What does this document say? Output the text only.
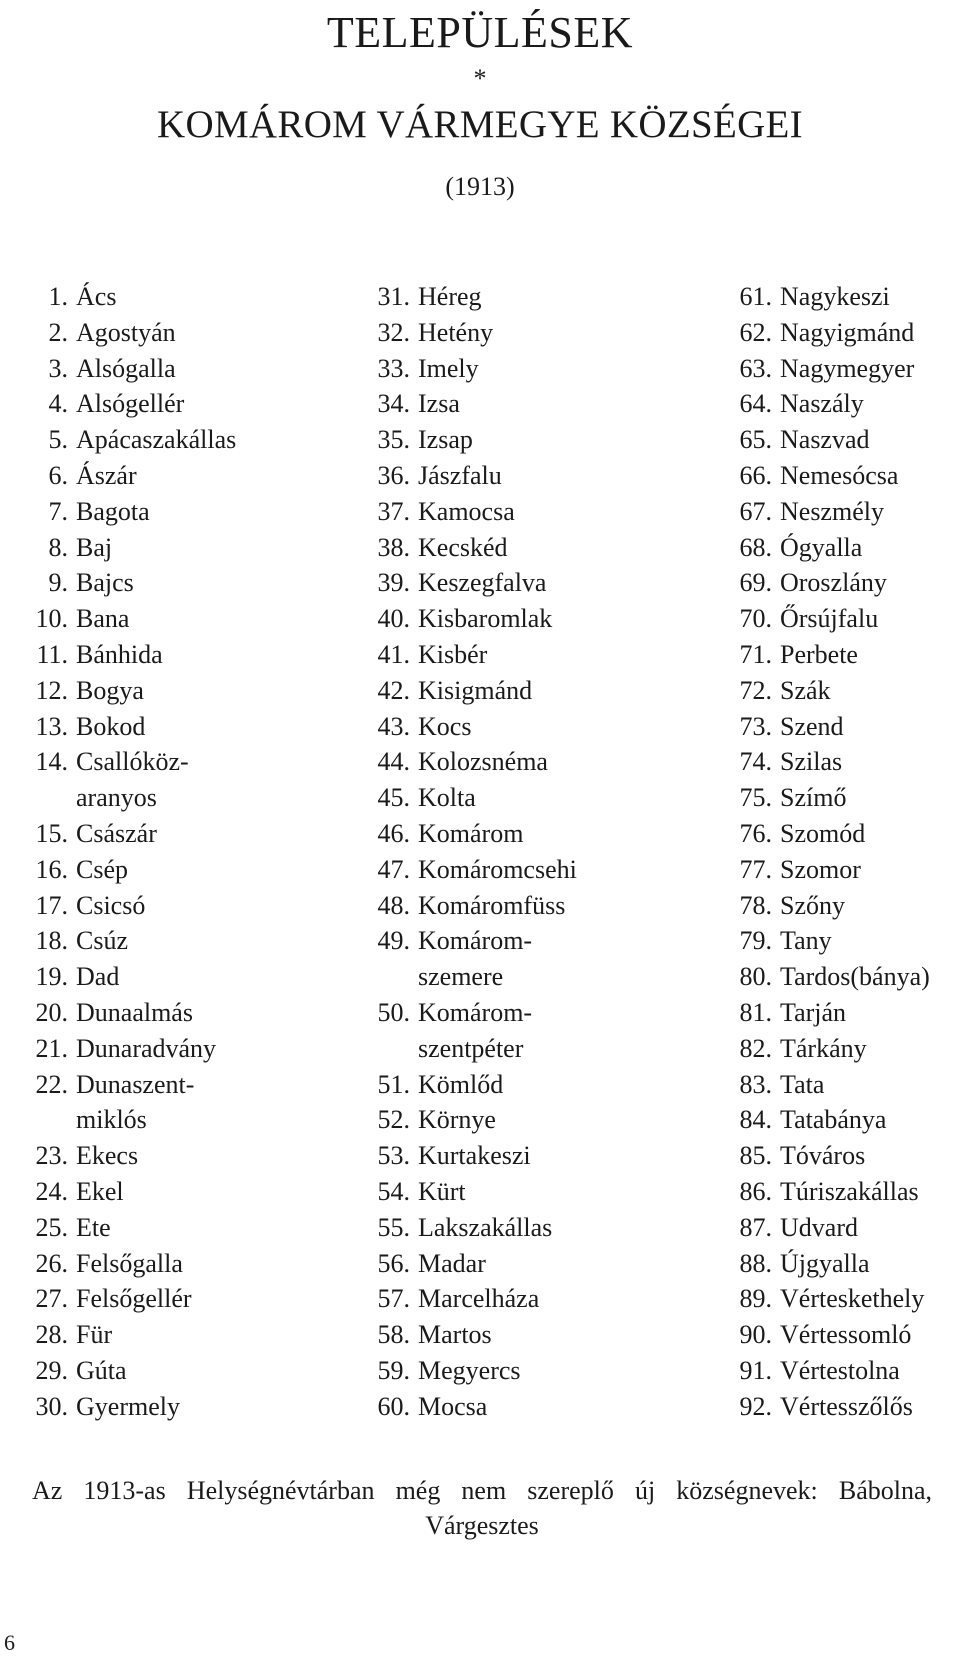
TELEPÜLÉSEK
*
KOMÁROM VÁRMEGYE KÖZSÉGEI
(1913)
1. Ács
2. Agostyán
3. Alsógalla
4. Alsógellér
5. Apácaszakállas
6. Ászár
7. Bagota
8. Baj
9. Bajcs
10. Bana
11. Bánhida
12. Bogya
13. Bokod
14. Csallóköz-
aranyos
15. Császár
16. Csép
17. Csicsó
18. Csúz
19. Dad
20. Dunaalmás
21. Dunaradvány
22. Dunaszent-
miklós
23. Ekecs
24. Ekel
25. Ete
26. Felsőgalla
27. Felsőgellér
28. Für
29. Gúta
30. Gyermely
31. Héreg
32. Hetény
33. Imely
34. Izsa
35. Izsap
36. Jászfalu
37. Kamocsa
38. Kecskéd
39. Keszegfalva
40. Kisbaromlak
41. Kisbér
42. Kisigmánd
43. Kocs
44. Kolozsnéma
45. Kolta
46. Komárom
47. Komáromcsehi
48. Komáromfüss
49. Komárom-
szemere
50. Komárom-
szentpéter
51. Kömlőd
52. Környe
53. Kurtakeszi
54. Kürt
55. Lakszakállas
56. Madar
57. Marcelháza
58. Martos
59. Megyercs
60. Mocsa
61. Nagykeszi
62. Nagyigmánd
63. Nagymegyer
64. Naszály
65. Naszvad
66. Nemesócsa
67. Neszmély
68. Ógyalla
69. Oroszlány
70. Őrsújfalu
71. Perbete
72. Szák
73. Szend
74. Szilas
75. Szímő
76. Szomód
77. Szomor
78. Szőny
79. Tany
80. Tardos(bánya)
81. Tarján
82. Tárkány
83. Tata
84. Tatabánya
85. Tóváros
86. Túriszakállas
87. Udvard
88. Újgyalla
89. Vérteskethely
90. Vértessomló
91. Vértestolna
92. Vértesszőlős
Az 1913-as Helységnévtárban még nem szereplő új községnevek: Bábolna,
Várgesztes
6
